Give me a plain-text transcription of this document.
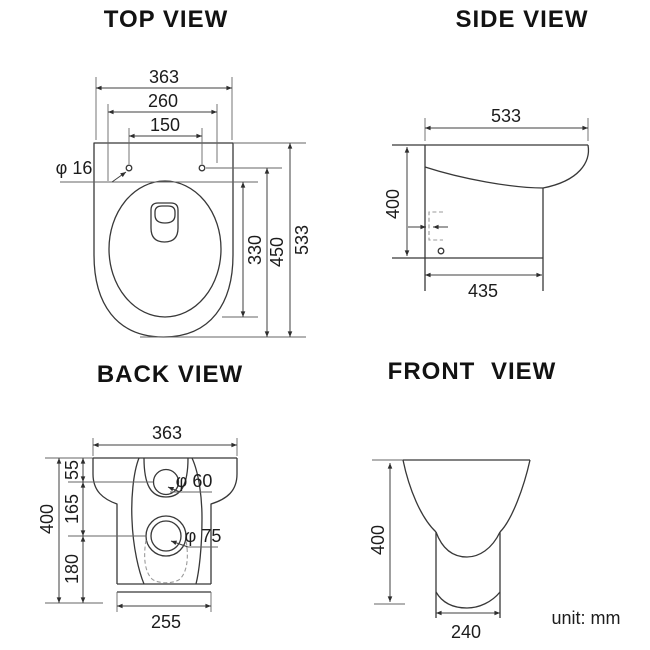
TOP VIEW
363
260
150
φ 16
330 450 533
SIDE VIEW
533
400
435
BACK VIEW
363
55
165
180
400
φ 60
φ 75
255
FRONT VIEW
400
240
unit: mm
